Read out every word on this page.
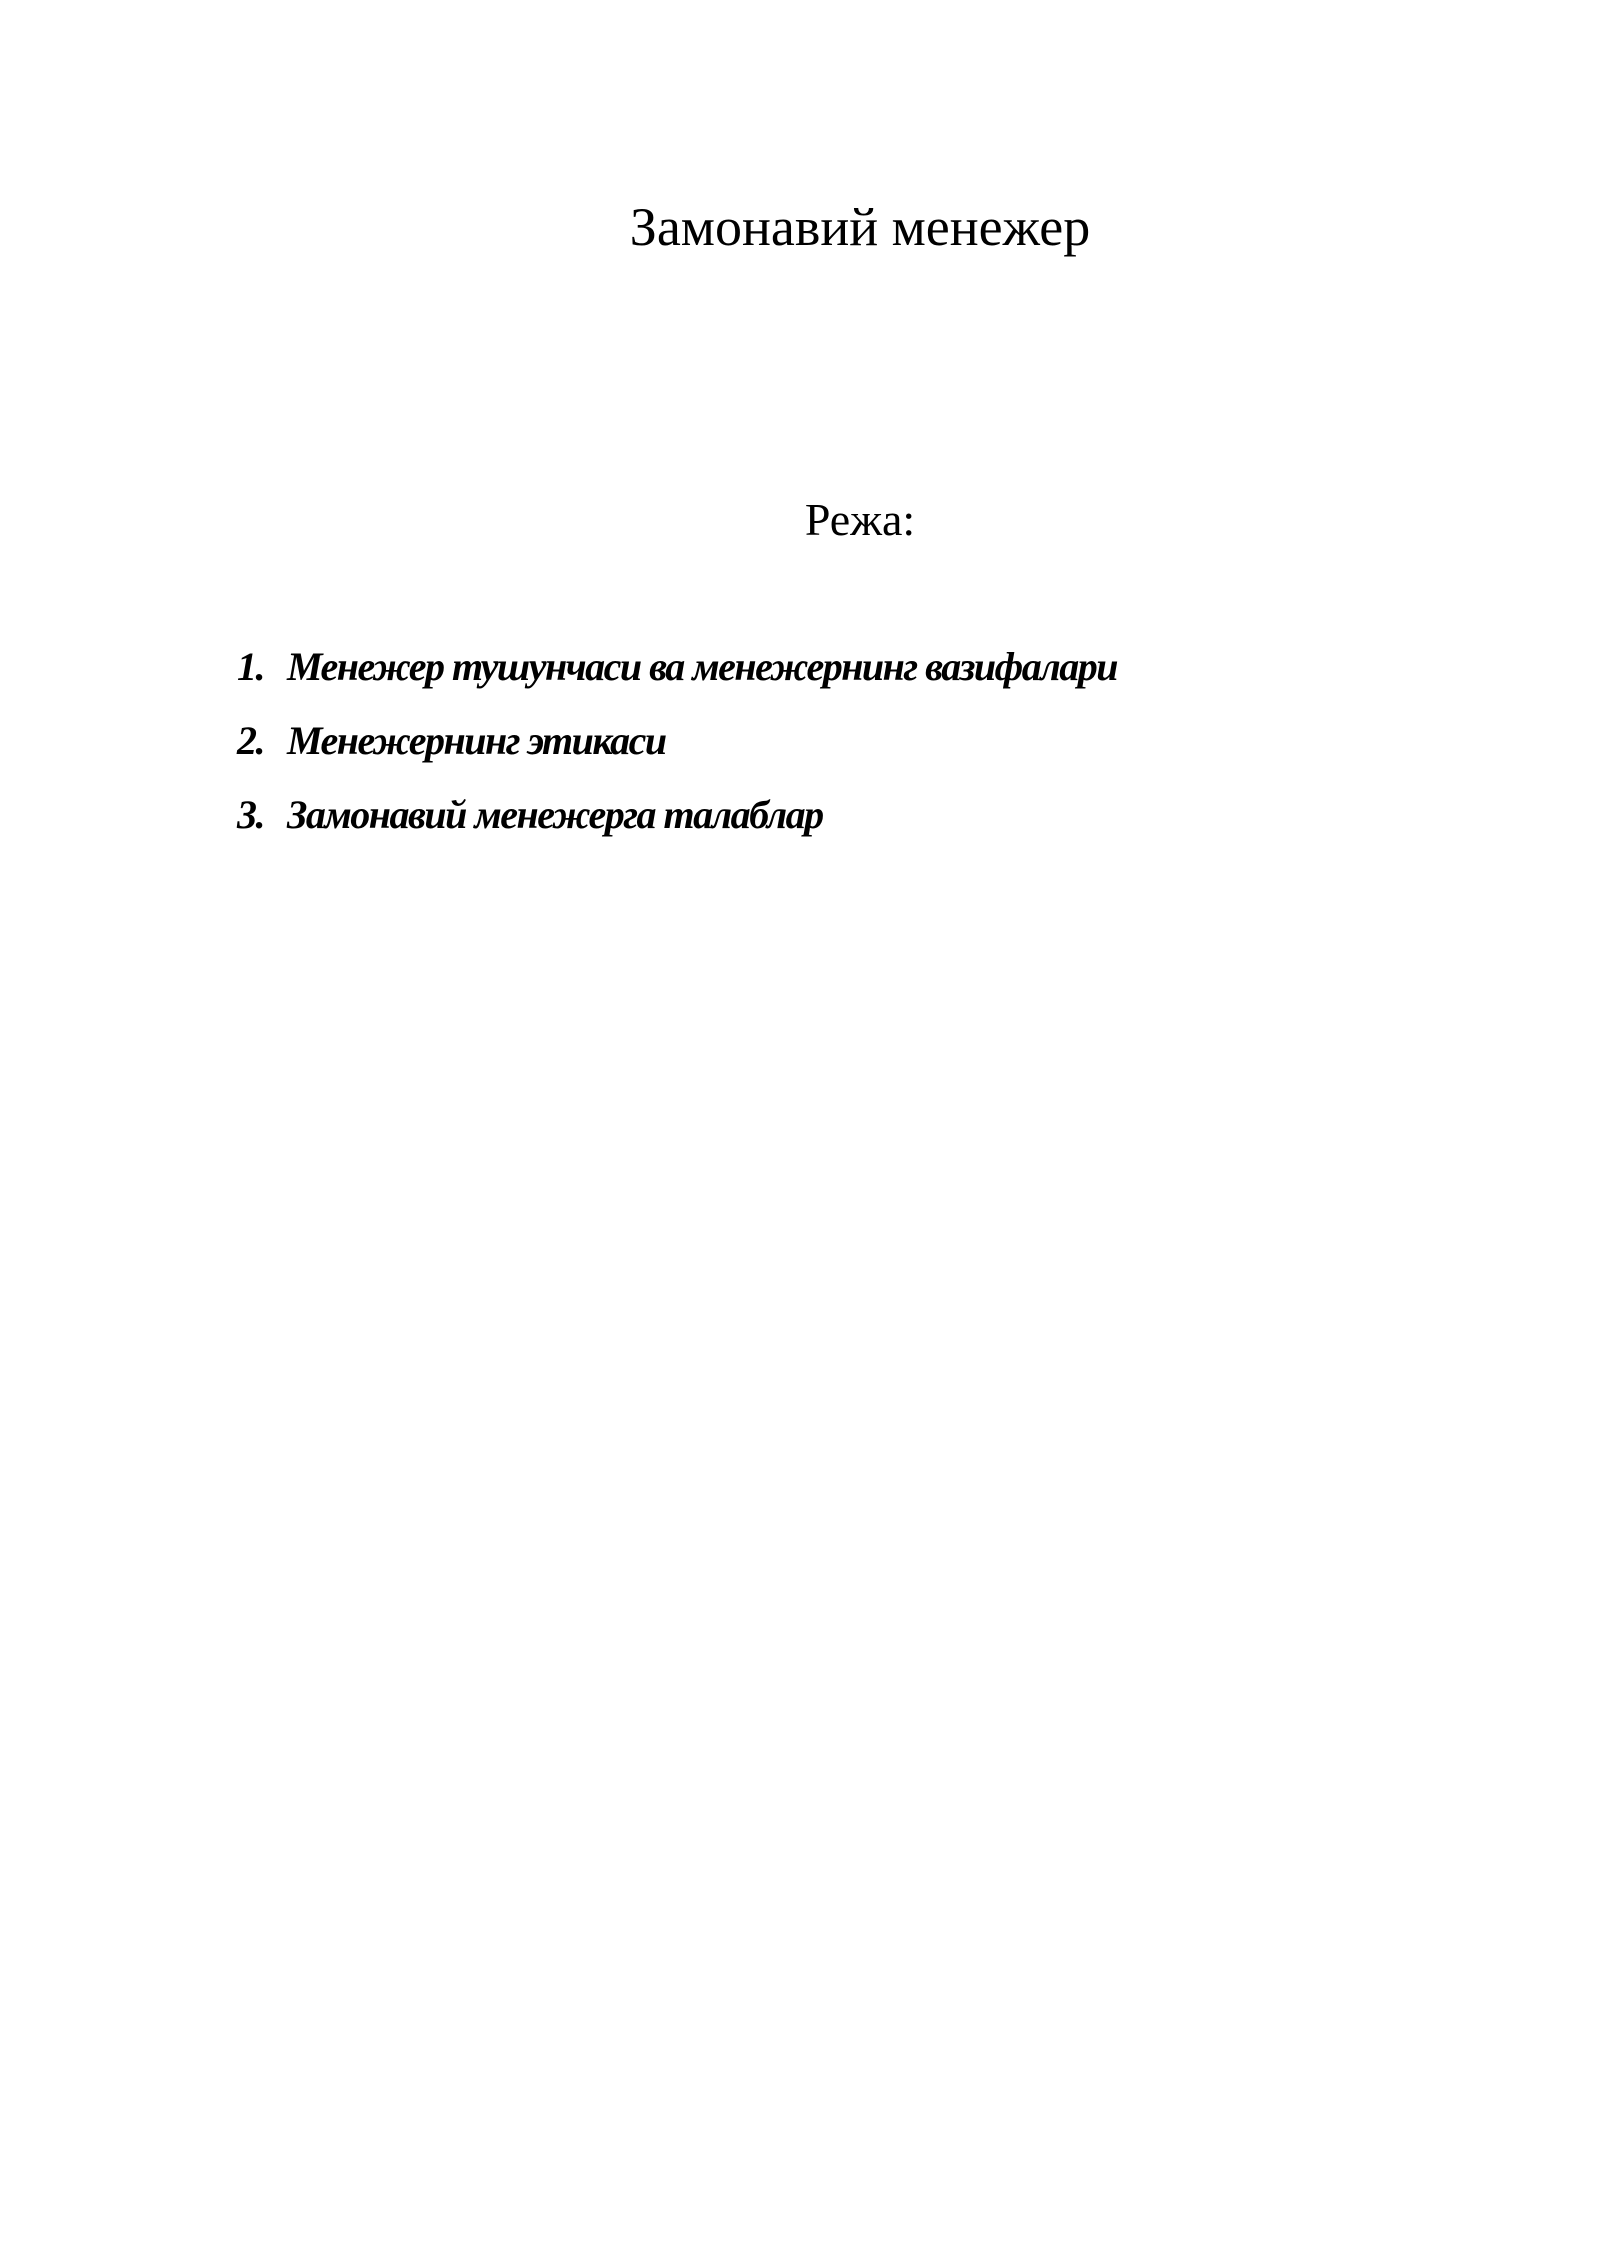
Замонавий менежер
Режа:
1. Менежер тушунчаси ва менежернинг вазифалари
2. Менежернинг этикаси
3. Замонавий менежерга талаблар
